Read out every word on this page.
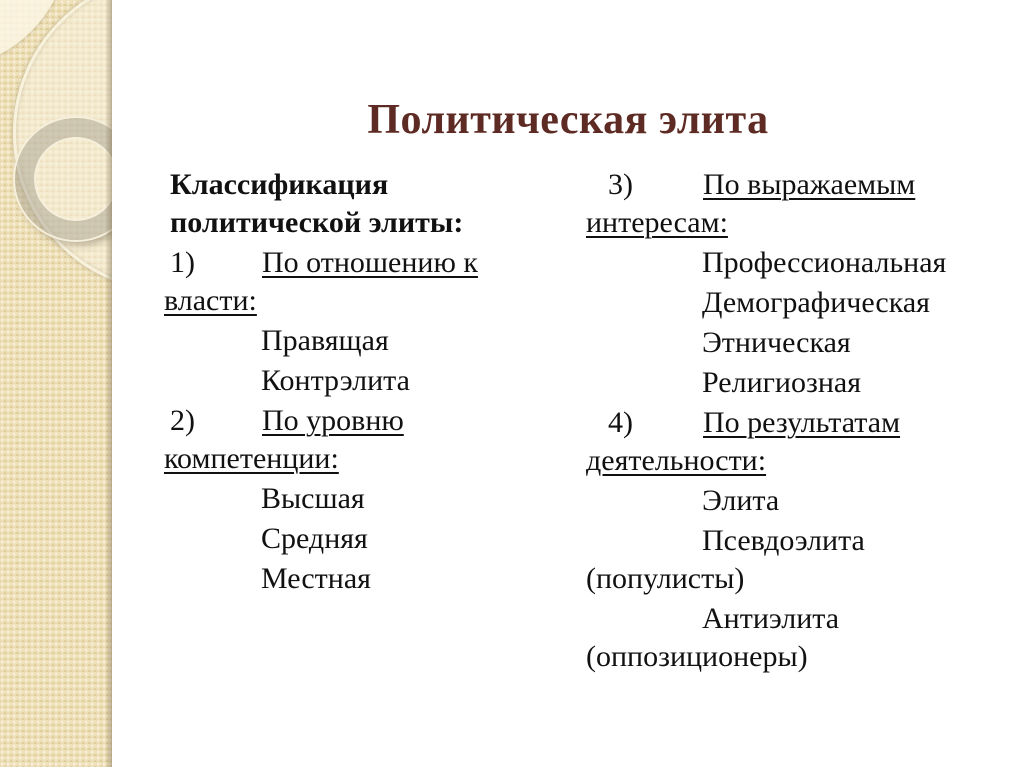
Политическая элита
Классификация
политической элиты:
1) По отношению к
власти:
Правящая
Контрэлита
2) По уровню
компетенции:
Высшая
Средняя
Местная
3) По выражаемым
интересам:
Профессиональная
Демографическая
Этническая
Религиозная
4) По результатам
деятельности:
Элита
Псевдоэлита
(популисты)
Антиэлита
(оппозиционеры)
